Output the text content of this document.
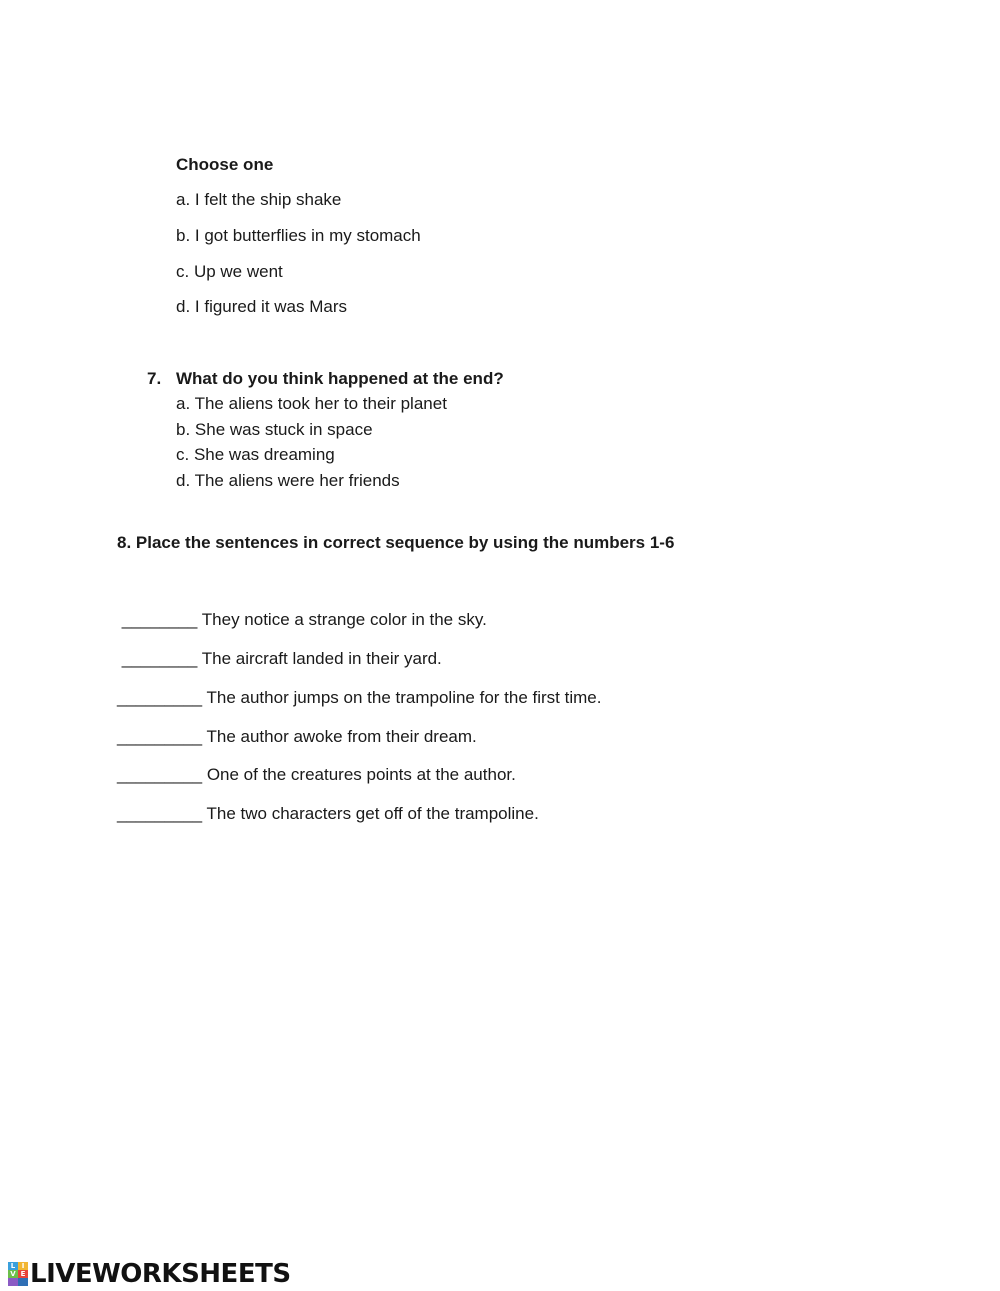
Choose one
a. I felt the ship shake
b. I got butterflies in my stomach
c. Up we went
d. I figured it was Mars
7. What do you think happened at the end?
a. The aliens took her to their planet
b. She was stuck in space
c. She was dreaming
d. The aliens were her friends
8. Place the sentences in correct sequence by using the numbers 1-6
________ They notice a strange color in the sky.
________ The aircraft landed in their yard.
_________ The author jumps on the trampoline for the first time.
_________ The author awoke from their dream.
_________ One of the creatures points at the author.
_________ The two characters get off of the trampoline.
L I
V E LIVEWORKSHEETS
